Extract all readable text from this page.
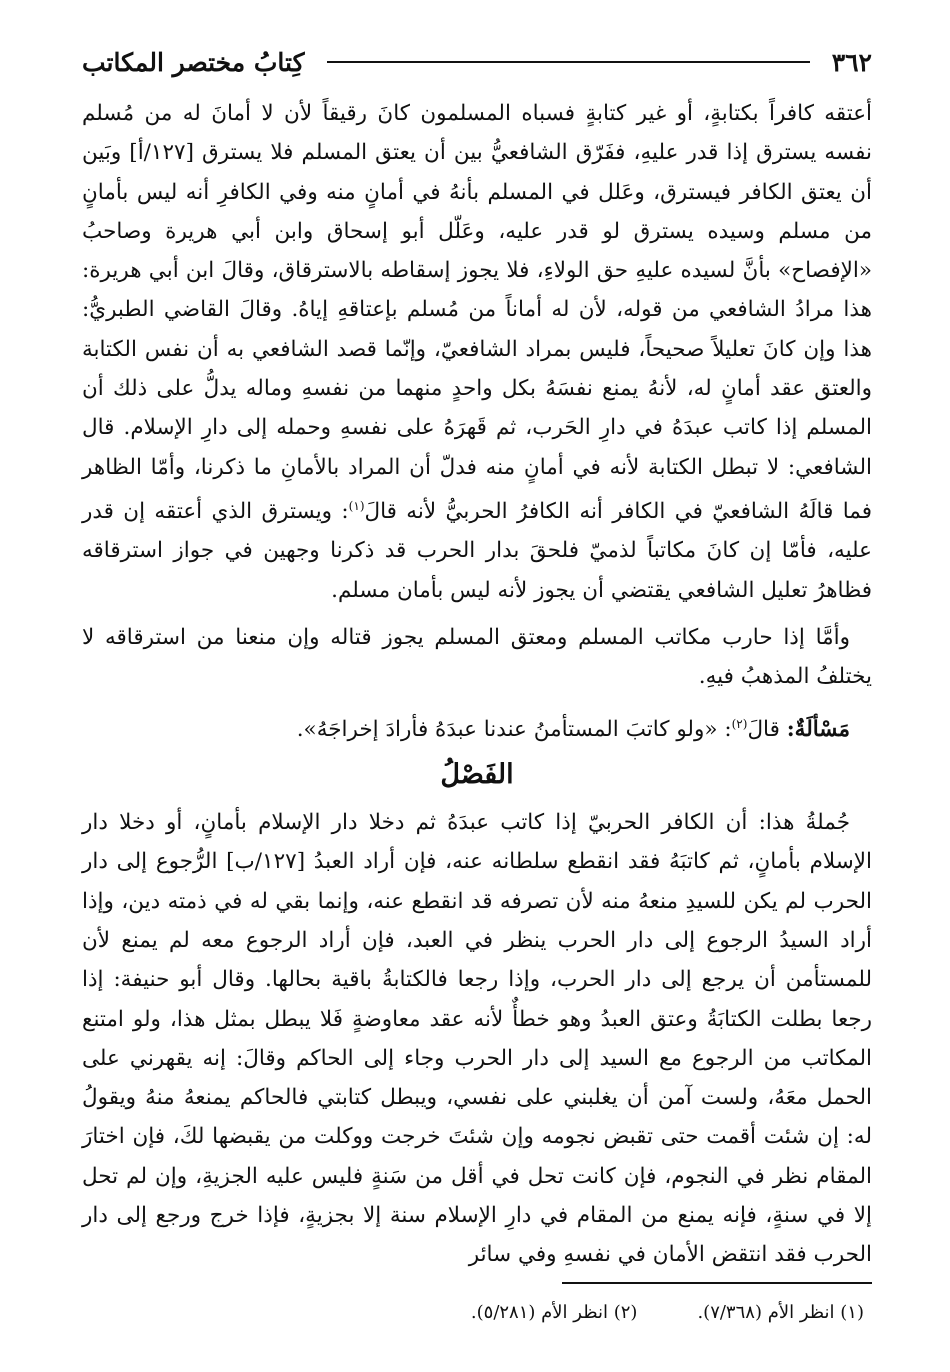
٣٦٢
كِتابُ مختصر المكاتب

أعتقه كافراً بكتابةٍ، أو غير كتابةٍ فسباه المسلمون كانَ رقيقاً لأن لا أمانَ له من مُسلم نفسه يسترق إذا قدر عليهِ، ففَرّق الشافعيُّ بين أن يعتق المسلم فلا يسترق [١٢٧/أ] وبَين أن يعتق الكافر فيسترق، وعَلل في المسلم بأنهُ في أمانٍ منه وفي الكافرِ أنه ليس بأمانٍ من مسلم وسيده يسترق لو قدر عليه، وعَلّل أبو إسحاق وابن أبي هريرة وصاحبُ «الإفصاح» بأنَّ لسيده عليهِ حق الولاءِ، فلا يجوز إسقاطه بالاسترقاق، وقالَ ابن أبي هريرة: هذا مرادُ الشافعي من قوله، لأن له أماناً من مُسلم بإعتاقهِ إياهُ. وقالَ القاضي الطبريُّ: هذا وإن كانَ تعليلاً صحيحاً، فليس بمراد الشافعيّ، وإنّما قصد الشافعي به أن نفس الكتابة والعتق عقد أمانٍ له، لأنهُ يمنع نفسَهُ بكل واحدٍ منهما من نفسهِ وماله يدلُّ على ذلك أن المسلم إذا كاتب عبدَهُ في دارِ الحَرب، ثم قَهرَهُ على نفسهِ وحمله إلى دارِ الإسلام. قال الشافعي: لا تبطل الكتابة لأنه في أمانٍ منه فدلّ أن المراد بالأمانِ ما ذكرنا، وأمّا الظاهر فما قالَهُ الشافعيّ في الكافر أنه الكافرُ الحربيُّ لأنه قالَ$^{(١)}$: ويسترق الذي أعتقه إن قدر عليه، فأمّا إن كانَ مكاتباً لذميّ فلحقَ بدار الحرب قد ذكرنا وجهين في جواز استرقاقه فظاهرُ تعليل الشافعي يقتضي أن يجوز لأنه ليس بأمان مسلم.

وأمَّا إذا حارب مكاتب المسلم ومعتق المسلم يجوز قتاله وإن منعنا من استرقاقه لا يختلفُ المذهبُ فيهِ.

مَسْألَةٌ: قالَ$^{(٢)}$: «ولو كاتبَ المستأمنُ عندنا عبدَهُ فأرادَ إخراجَهُ».

الفَصْلُ

جُملةُ هذا: أن الكافر الحربيّ إذا كاتب عبدَهُ ثم دخلا دار الإسلام بأمانٍ، أو دخلا دار الإسلام بأمانٍ، ثم كاتبَهُ فقد انقطع سلطانه عنه، فإن أراد العبدُ [١٢٧/ب] الرُّجوع إلى دار الحرب لم يكن للسيدِ منعهُ منه لأن تصرفه قد انقطع عنه، وإنما بقي له في ذمته دين، وإذا أراد السيدُ الرجوع إلى دار الحرب ينظر في العبد، فإن أراد الرجوع معه لم يمنع لأن للمستأمن أن يرجع إلى دار الحرب، وإذا رجعا فالكتابةُ باقية بحالها. وقال أبو حنيفة: إذا رجعا بطلت الكتابَةُ وعتق العبدُ وهو خطأٌ لأنه عقد معاوضةٍ فَلا يبطل بمثل هذا، ولو امتنع المكاتب من الرجوع مع السيد إلى دار الحرب وجاء إلى الحاكم وقالَ: إنه يقهرني على الحمل معَهُ، ولست آمن أن يغلبني على نفسي، ويبطل كتابتي فالحاكم يمنعهُ منهُ ويقولُ له: إن شئت أقمت حتى تقبض نجومه وإن شئتَ خرجت ووكلت من يقبضها لكَ، فإن اختارَ المقام نظر في النجوم، فإن كانت تحل في أقل من سَنةٍ فليس عليه الجزيةِ، وإن لم تحل إلا في سنةٍ، فإنه يمنع من المقام في دارِ الإسلام سنة إلا بجزيةٍ، فإذا خرج ورجع إلى دار الحرب فقد انتقض الأمان في نفسهِ وفي سائر

(١) انظر الأم (٧/٣٦٨).
(٢) انظر الأم (٥/٢٨١).
